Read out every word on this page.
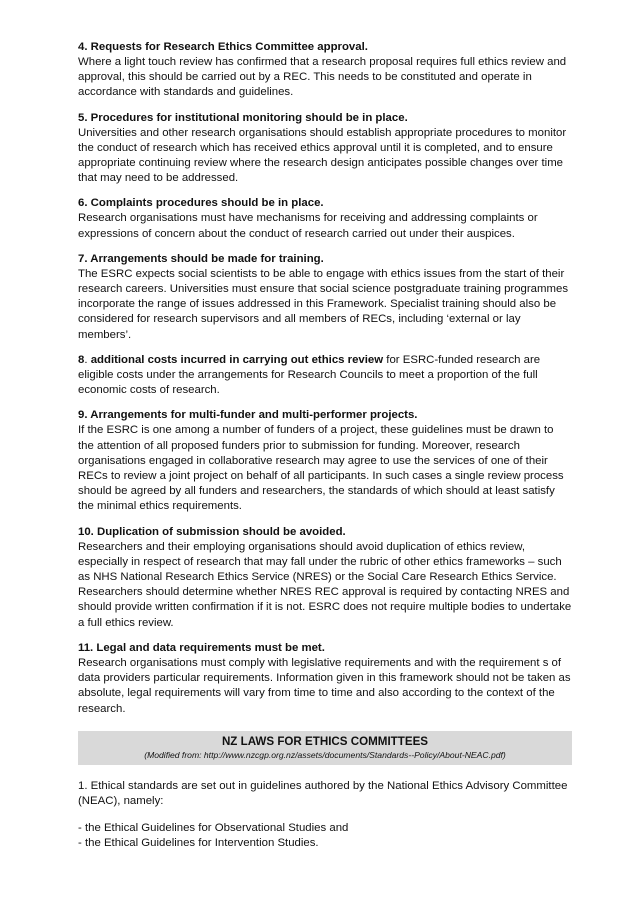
4. Requests for Research Ethics Committee approval.
Where a light touch review has confirmed that a research proposal requires full ethics review and approval, this should be carried out by a REC. This needs to be constituted and operate in accordance with standards and guidelines.
5. Procedures for institutional monitoring should be in place.
Universities and other research organisations should establish appropriate procedures to monitor the conduct of research which has received ethics approval until it is completed, and to ensure appropriate continuing review where the research design anticipates possible changes over time that may need to be addressed.
6. Complaints procedures should be in place.
Research organisations must have mechanisms for receiving and addressing complaints or expressions of concern about the conduct of research carried out under their auspices.
7. Arrangements should be made for training.
The ESRC expects social scientists to be able to engage with ethics issues from the start of their research careers. Universities must ensure that social science postgraduate training programmes incorporate the range of issues addressed in this Framework. Specialist training should also be considered for research supervisors and all members of RECs, including ‘external or lay members’.
8. additional costs incurred in carrying out ethics review for ESRC-funded research are eligible costs under the arrangements for Research Councils to meet a proportion of the full economic costs of research.
9. Arrangements for multi-funder and multi-performer projects.
If the ESRC is one among a number of funders of a project, these guidelines must be drawn to the attention of all proposed funders prior to submission for funding. Moreover, research organisations engaged in collaborative research may agree to use the services of one of their RECs to review a joint project on behalf of all participants. In such cases a single review process should be agreed by all funders and researchers, the standards of which should at least satisfy the minimal ethics requirements.
10. Duplication of submission should be avoided.
Researchers and their employing organisations should avoid duplication of ethics review, especially in respect of research that may fall under the rubric of other ethics frameworks – such as NHS National Research Ethics Service (NRES) or the Social Care Research Ethics Service. Researchers should determine whether NRES REC approval is required by contacting NRES and should provide written confirmation if it is not. ESRC does not require multiple bodies to undertake a full ethics review.
11. Legal and data requirements must be met.
Research organisations must comply with legislative requirements and with the requirement s of data providers particular requirements. Information given in this framework should not be taken as absolute, legal requirements will vary from time to time and also according to the context of the research.
NZ LAWS FOR ETHICS COMMITTEES
(Modified from: http://www.nzcgp.org.nz/assets/documents/Standards--Policy/About-NEAC.pdf)
1. Ethical standards are set out in guidelines authored by the National Ethics Advisory Committee (NEAC), namely:
- the Ethical Guidelines for Observational Studies and
- the Ethical Guidelines for Intervention Studies.
